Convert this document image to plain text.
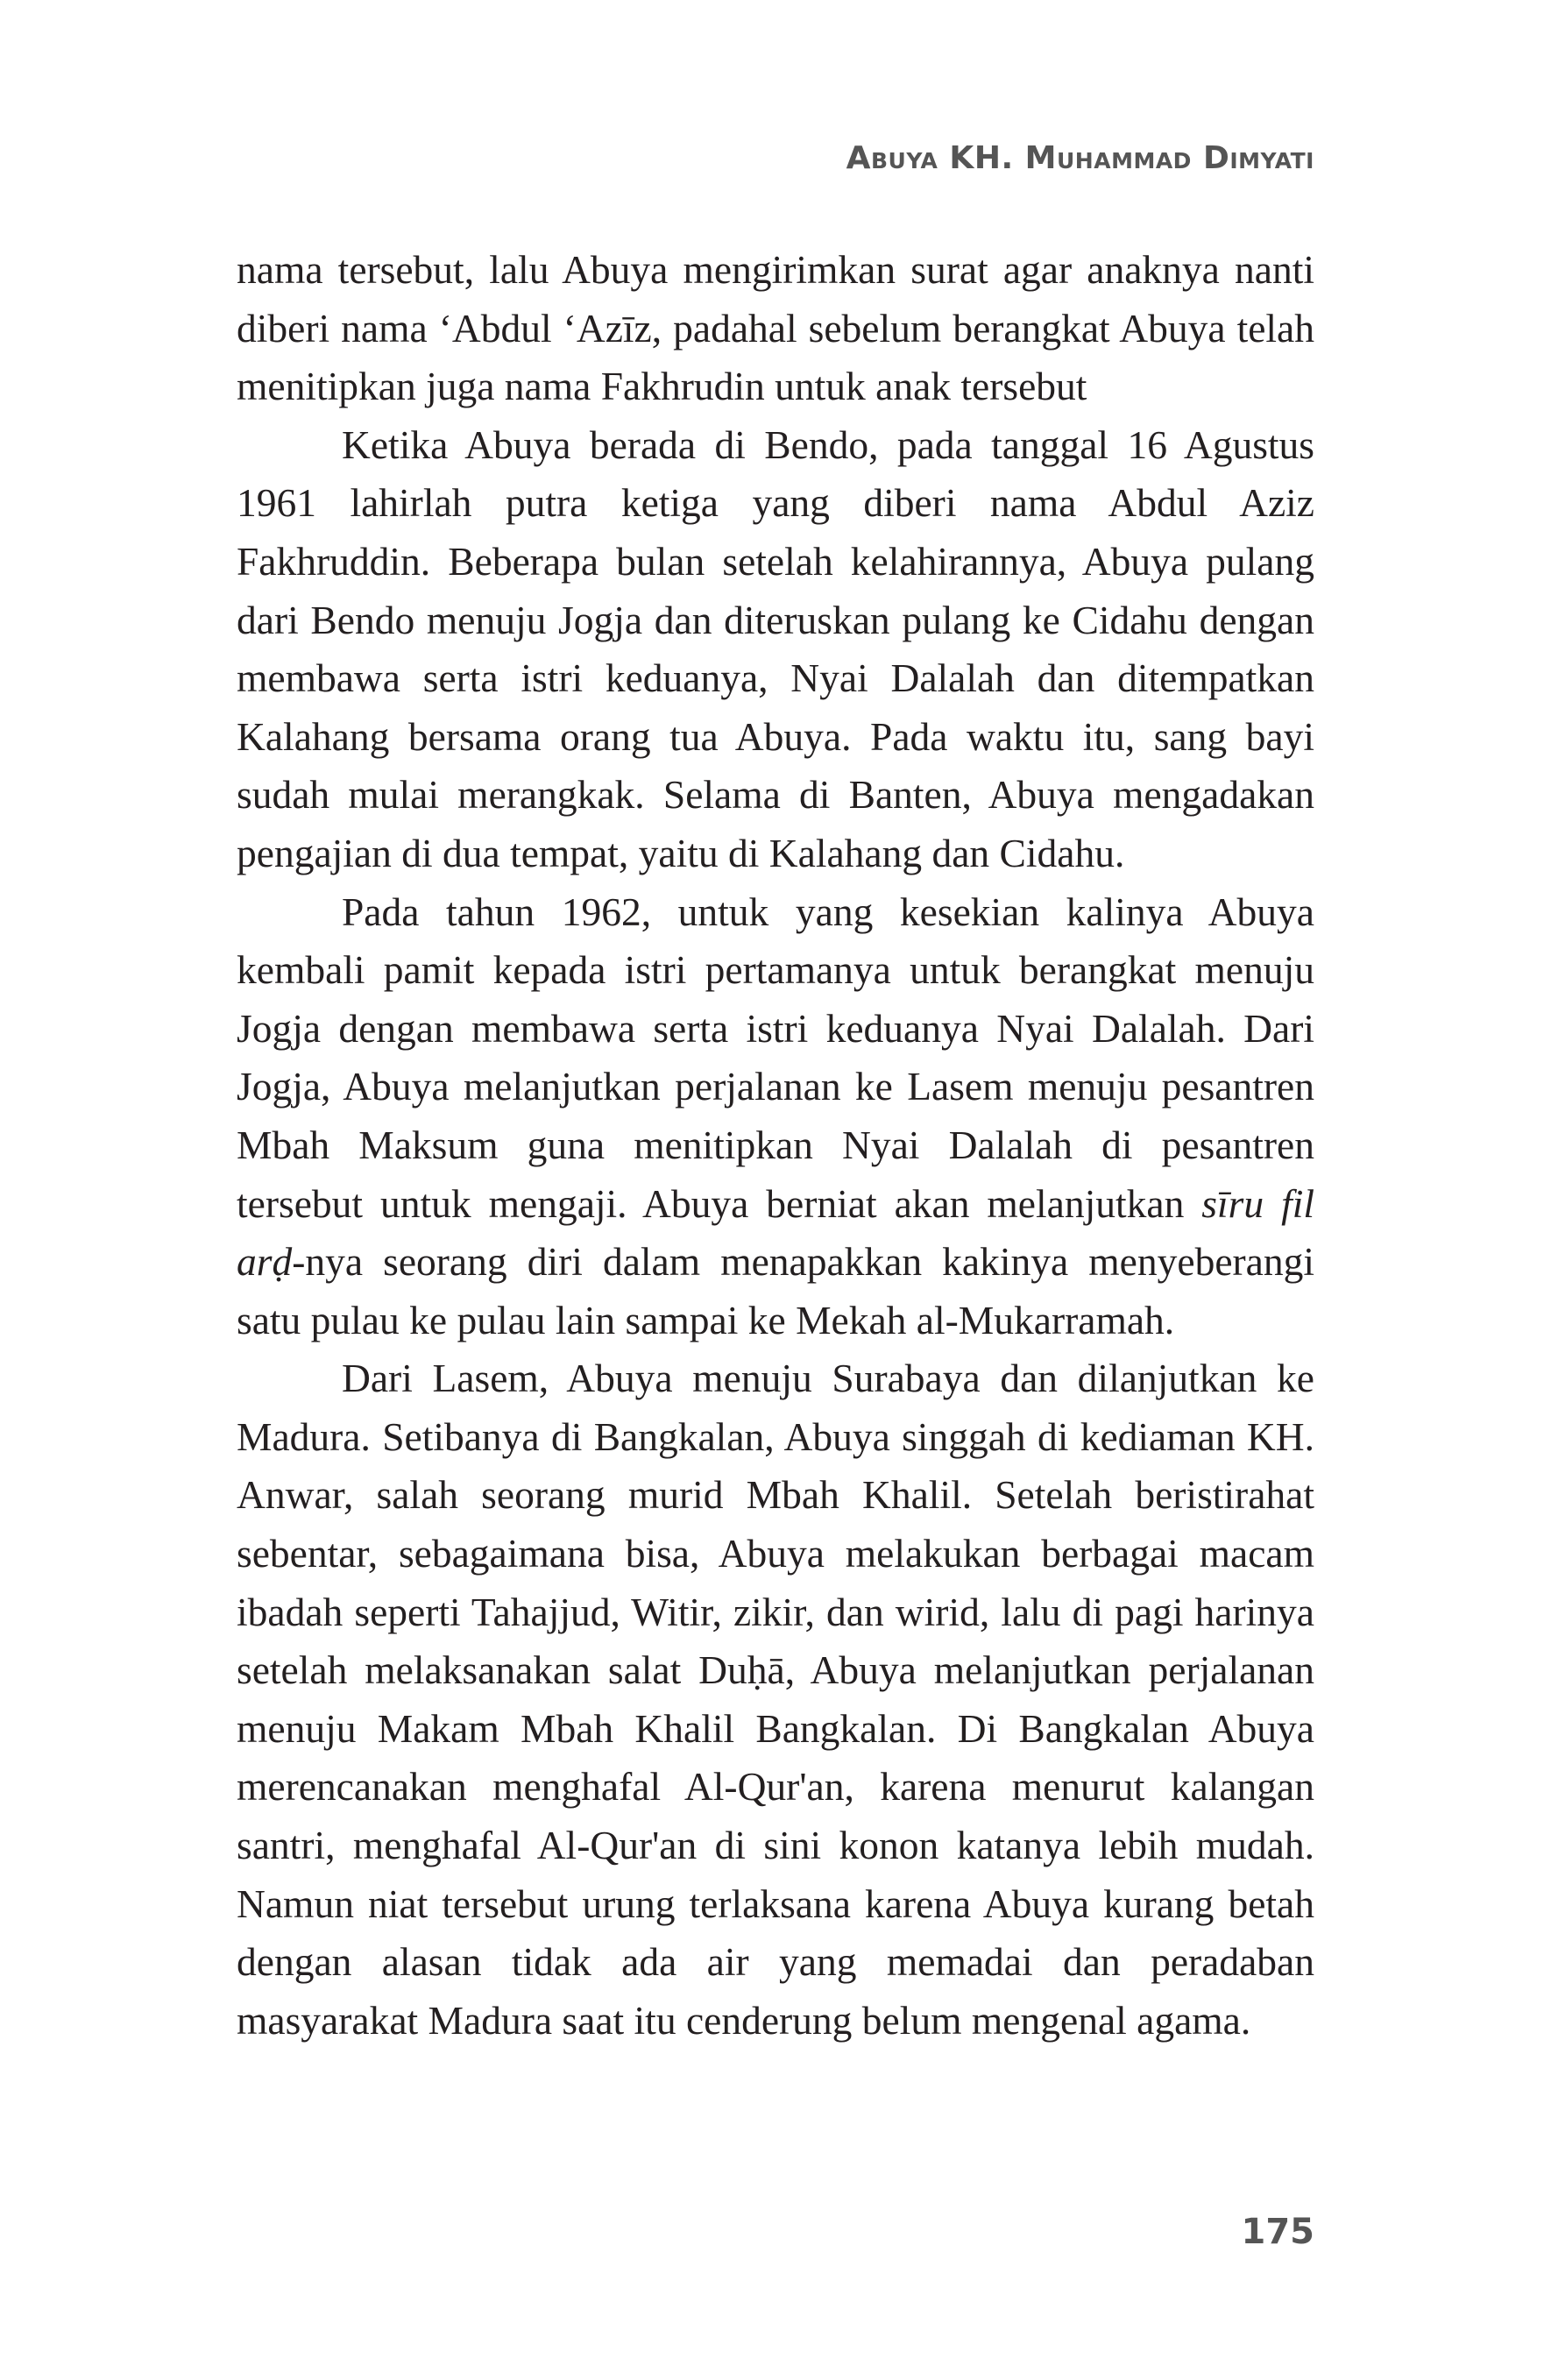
Abuya KH. Muhammad Dimyati

nama tersebut, lalu Abuya mengirimkan surat agar anaknya nanti diberi nama ‘Abdul ‘Azīz, padahal sebelum berangkat Abuya telah menitipkan juga nama Fakhrudin untuk anak tersebut

Ketika Abuya berada di Bendo, pada tanggal 16 Agustus 1961 lahirlah putra ketiga yang diberi nama Abdul Aziz Fakhruddin. Beberapa bulan setelah kelahirannya, Abuya pulang dari Bendo menuju Jogja dan diteruskan pulang ke Cidahu dengan membawa serta istri keduanya, Nyai Dalalah dan ditempatkan Kalahang bersama orang tua Abuya. Pada waktu itu, sang bayi sudah mulai merangkak. Selama di Banten, Abuya mengadakan pengajian di dua tempat, yaitu di Kalahang dan Cidahu.

Pada tahun 1962, untuk yang kesekian kalinya Abuya kembali pamit kepada istri pertamanya untuk berangkat menuju Jogja dengan membawa serta istri keduanya Nyai Dalalah. Dari Jogja, Abuya melanjutkan perjalanan ke Lasem menuju pesantren Mbah Maksum guna menitipkan Nyai Dalalah di pesantren tersebut untuk mengaji. Abuya berniat akan melanjutkan sīru fil arḍ-nya seorang diri dalam menapakkan kakinya menyeberangi satu pulau ke pulau lain sampai ke Mekah al-Mukarramah.

Dari Lasem, Abuya menuju Surabaya dan dilanjutkan ke Madura. Setibanya di Bangkalan, Abuya singgah di kediaman KH. Anwar, salah seorang murid Mbah Khalil. Setelah beristirahat sebentar, sebagaimana bisa, Abuya melakukan berbagai macam ibadah seperti Tahajjud, Witir, zikir, dan wirid, lalu di pagi harinya setelah melaksanakan salat Duḥā, Abuya melanjutkan perjalanan menuju Makam Mbah Khalil Bangkalan. Di Bangkalan Abuya merencanakan menghafal Al-Qur'an, karena menurut kalangan santri, menghafal Al-Qur'an di sini konon katanya lebih mudah. Namun niat tersebut urung terlaksana karena Abuya kurang betah dengan alasan tidak ada air yang memadai dan peradaban masyarakat Madura saat itu cenderung belum mengenal agama.

175
